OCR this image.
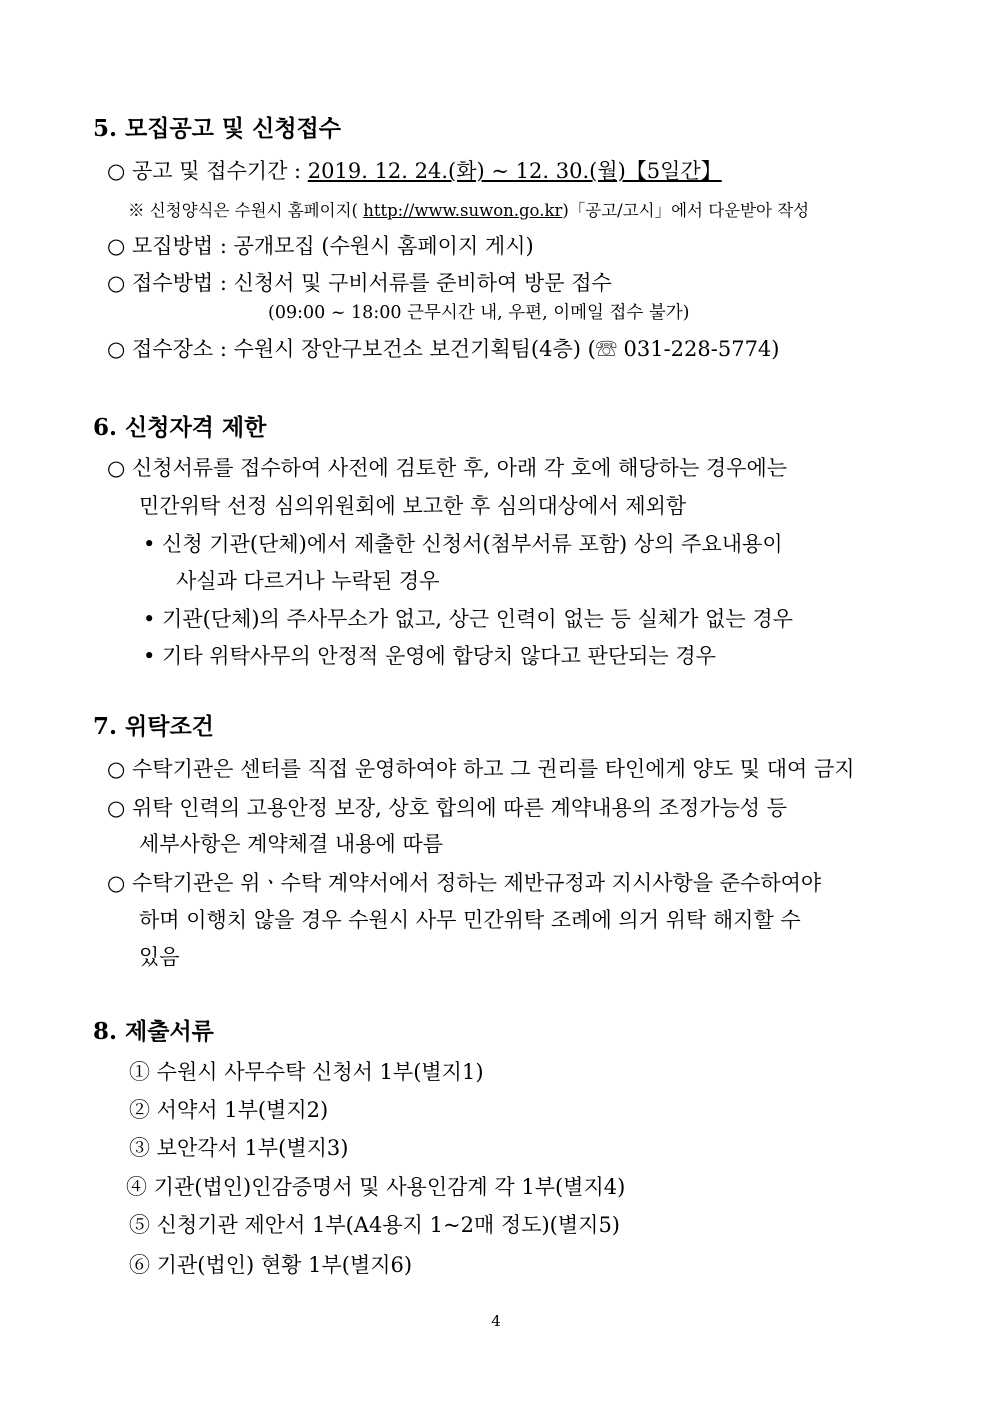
5. 모집공고 및 신청접수
○ 공고 및 접수기간 : 2019. 12. 24.(화) ~ 12. 30.(월)【5일간】
※ 신청양식은 수원시 홈페이지( http://www.suwon.go.kr)「공고/고시」에서 다운받아 작성
○ 모집방법 : 공개모집 (수원시 홈페이지 게시)
○ 접수방법 : 신청서 및 구비서류를 준비하여 방문 접수
(09:00 ~ 18:00 근무시간 내, 우편, 이메일 접수 불가)
○ 접수장소 : 수원시 장안구보건소 보건기획팀(4층) (☏ 031-228-5774)
6. 신청자격 제한
○ 신청서류를 접수하여 사전에 검토한 후, 아래 각 호에 해당하는 경우에는
민간위탁 선정 심의위원회에 보고한 후 심의대상에서 제외함
• 신청 기관(단체)에서 제출한 신청서(첨부서류 포함) 상의 주요내용이
사실과 다르거나 누락된 경우
• 기관(단체)의 주사무소가 없고, 상근 인력이 없는 등 실체가 없는 경우
• 기타 위탁사무의 안정적 운영에 합당치 않다고 판단되는 경우
7. 위탁조건
○ 수탁기관은 센터를 직접 운영하여야 하고 그 권리를 타인에게 양도 및 대여 금지
○ 위탁 인력의 고용안정 보장, 상호 합의에 따른 계약내용의 조정가능성 등
세부사항은 계약체결 내용에 따름
○ 수탁기관은 위ㆍ수탁 계약서에서 정하는 제반규정과 지시사항을 준수하여야
하며 이행치 않을 경우 수원시 사무 민간위탁 조례에 의거 위탁 해지할 수
있음
8. 제출서류
① 수원시 사무수탁 신청서 1부(별지1)
② 서약서 1부(별지2)
③ 보안각서 1부(별지3)
④ 기관(법인)인감증명서 및 사용인감계 각 1부(별지4)
⑤ 신청기관 제안서 1부(A4용지 1~2매 정도)(별지5)
⑥ 기관(법인) 현황 1부(별지6)
4
